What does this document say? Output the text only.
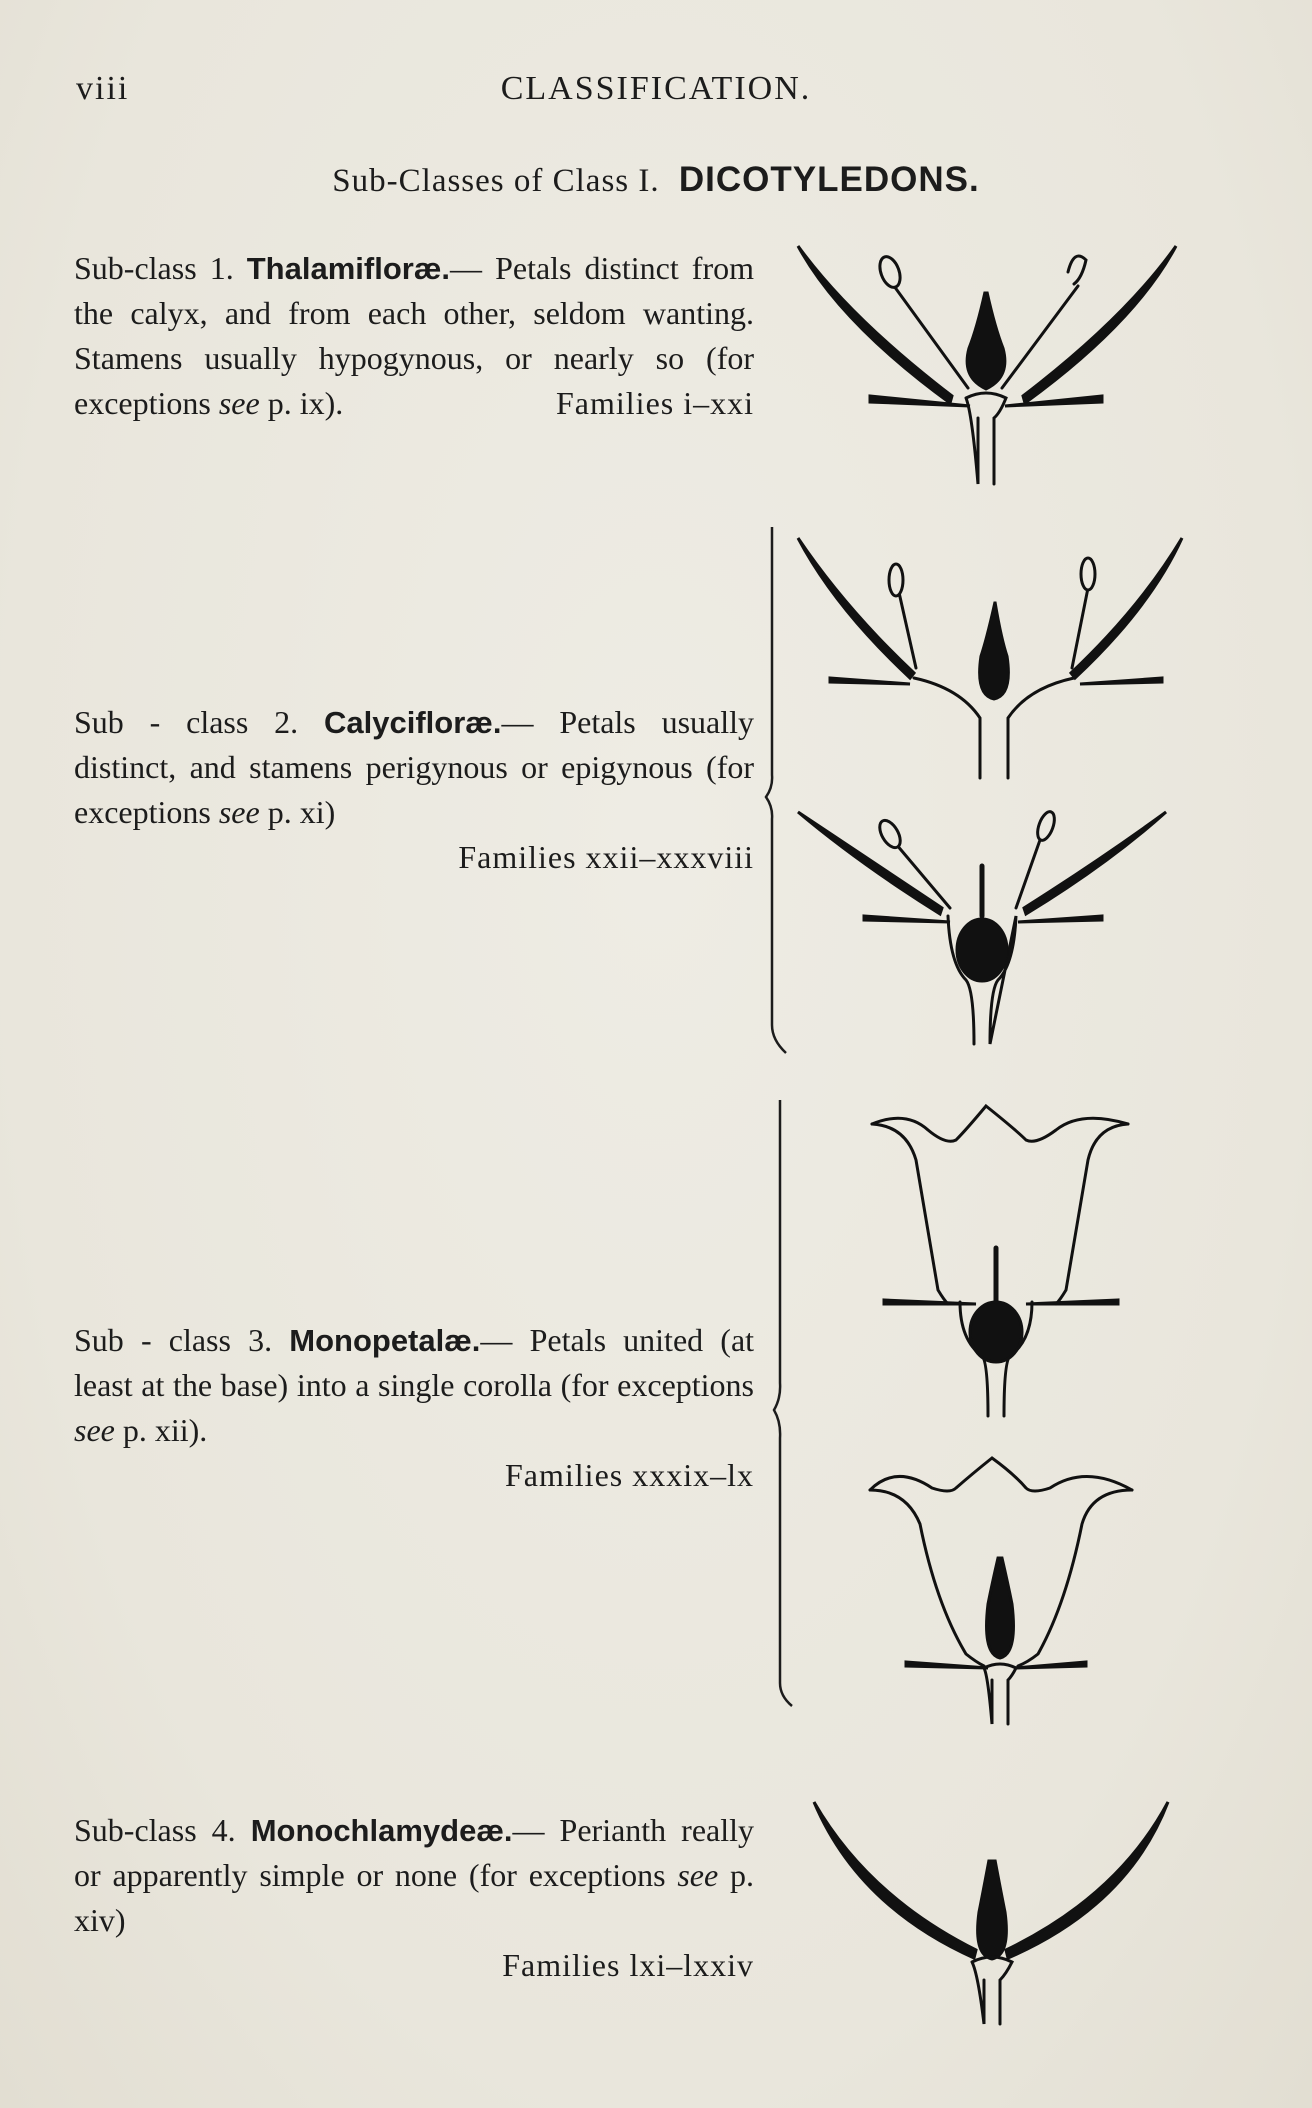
viii	CLASSIFICATION.
Sub-Classes of Class I. DICOTYLEDONS.
Sub-class 1. Thalamifloræ.— Petals distinct from the calyx, and from each other, seldom wanting. Stamens usually hypogynous, or nearly so (for exceptions see p. ix).	Families i–xxi
Sub - class 2. Calycifloræ.— Petals usually distinct, and stamens perigynous or epigynous (for exceptions see p. xi)
Families xxii–xxxviii
Sub - class 3. Monopetalæ.— Petals united (at least at the base) into a single corolla (for exceptions see p. xii).
Families xxxix–lx
Sub-class 4. Monochlamydeæ.— Perianth really or apparently simple or none (for exceptions see p. xiv)
Families lxi–lxxiv
